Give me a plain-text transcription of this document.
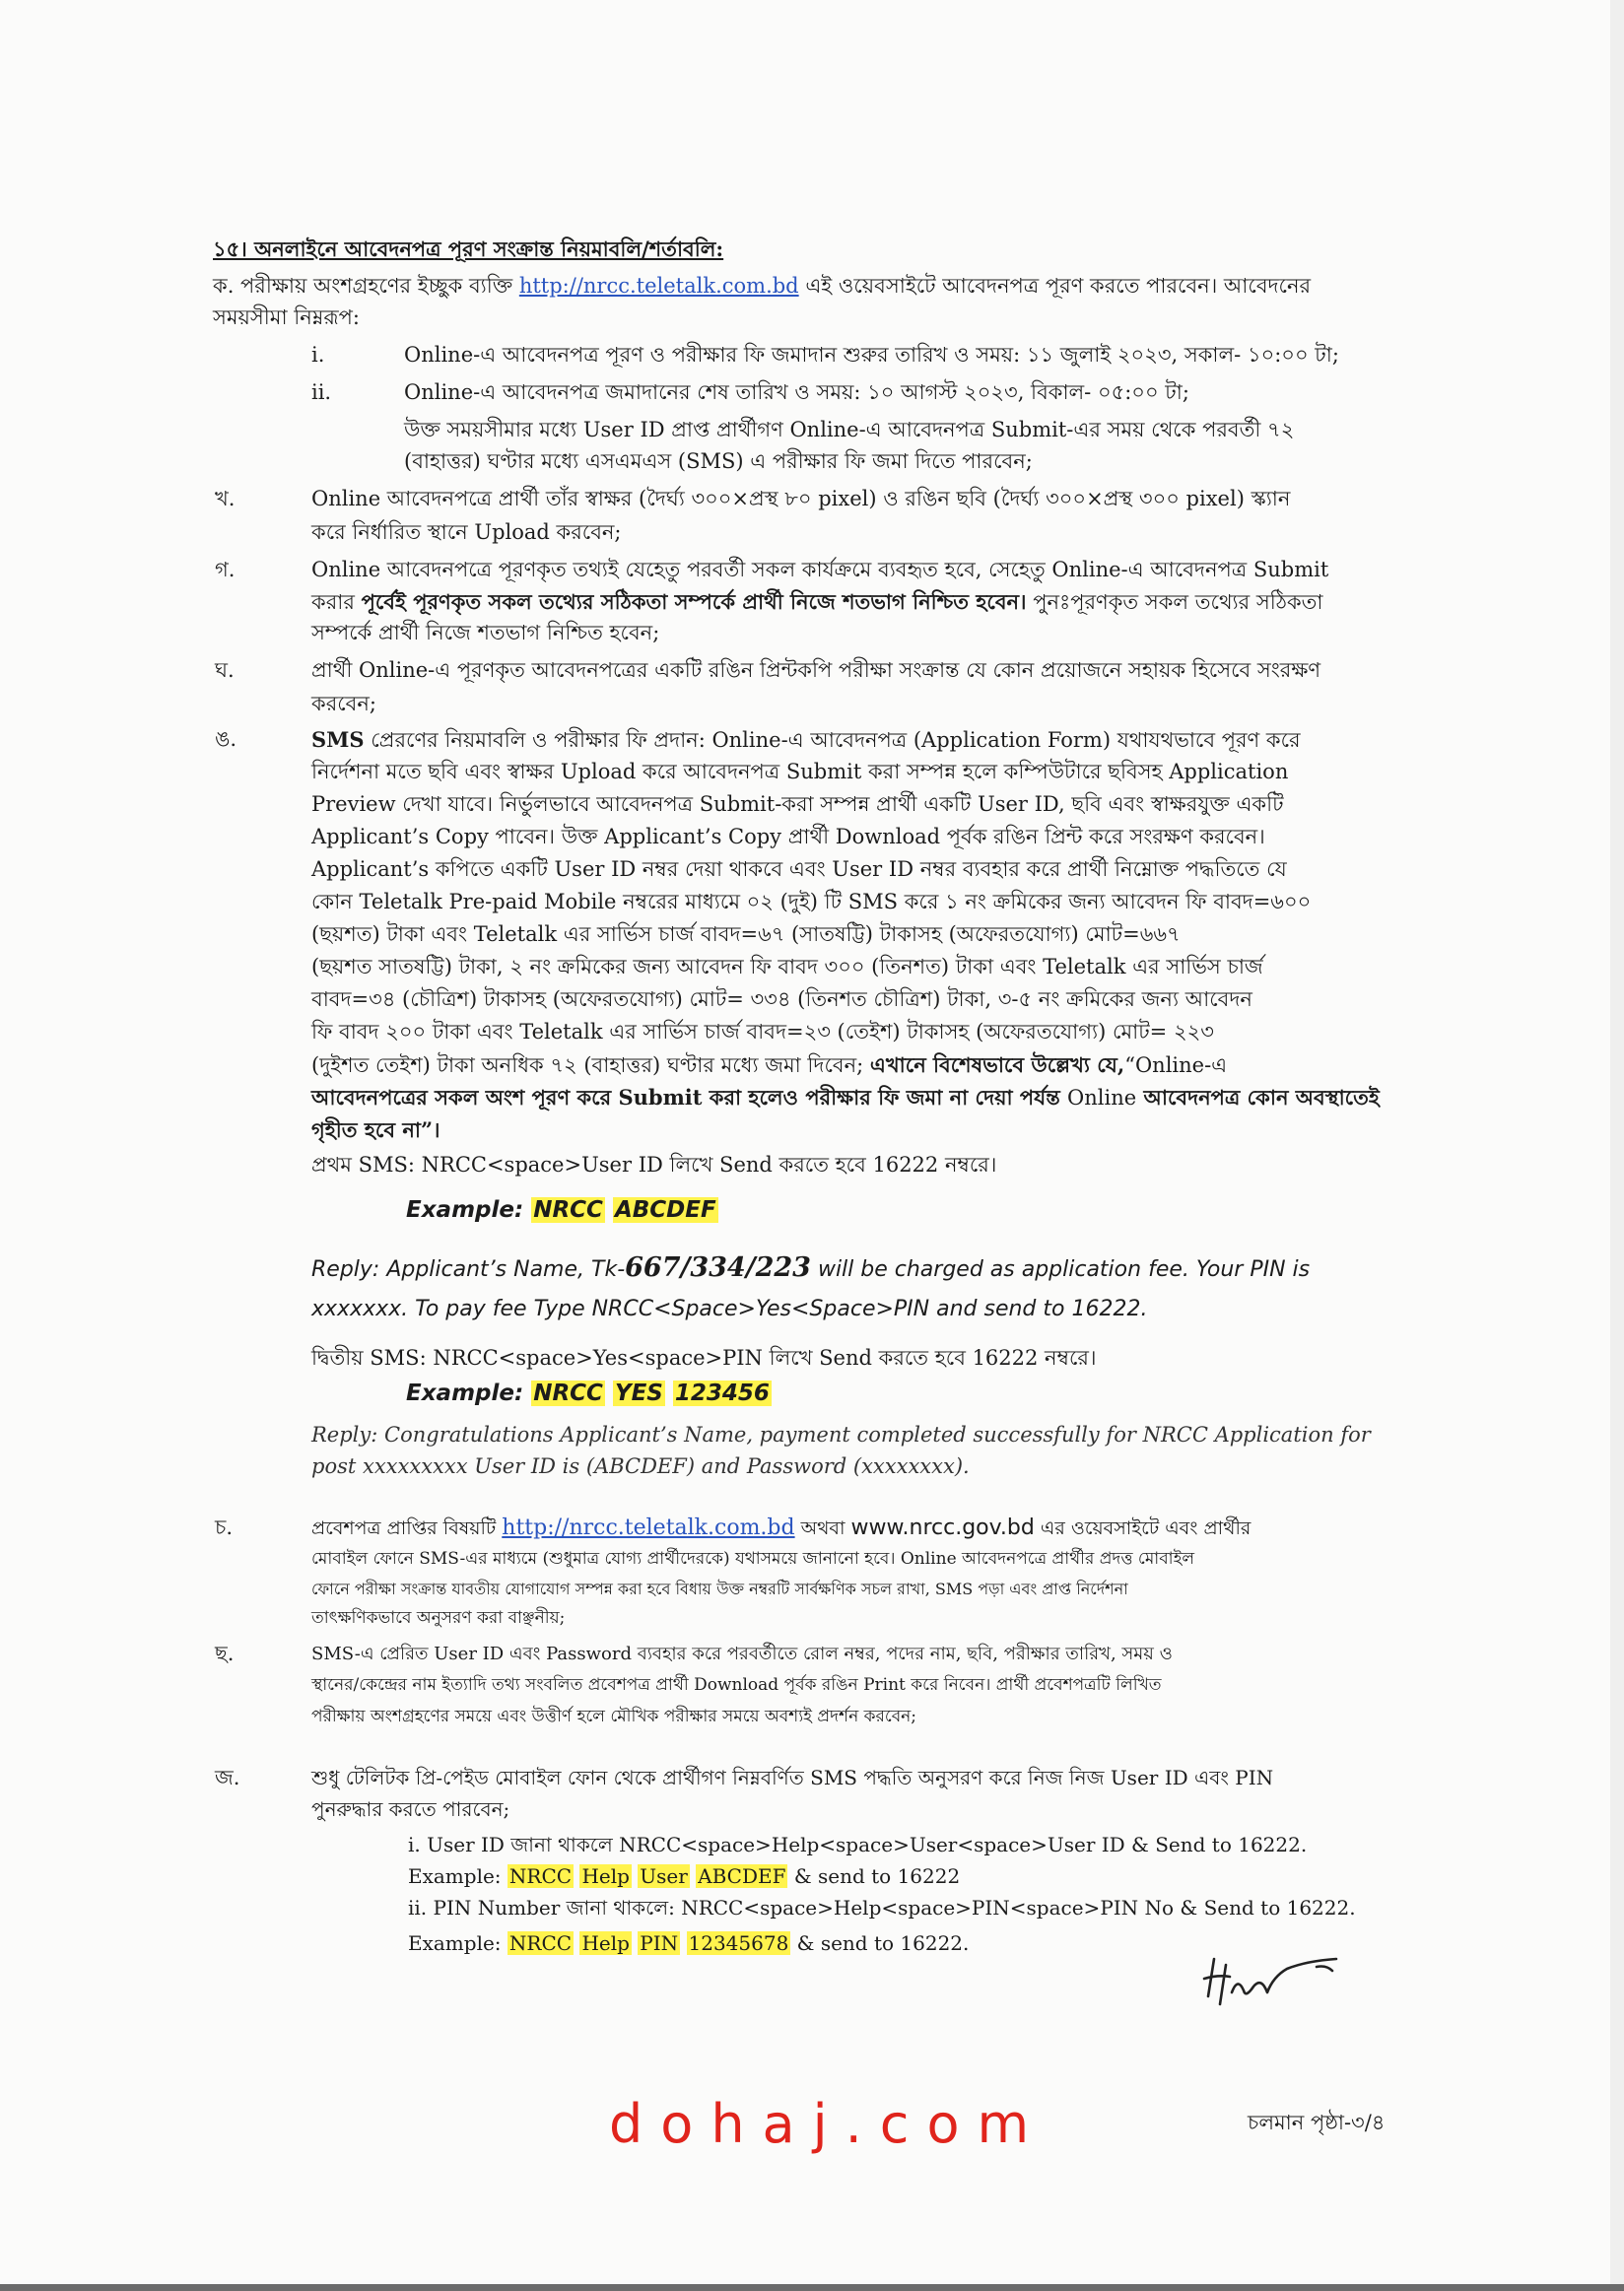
১৫। অনলাইনে আবেদনপত্র পূরণ সংক্রান্ত নিয়মাবলি/শর্তাবলি:
ক. পরীক্ষায় অংশগ্রহণের ইচ্ছুক ব্যক্তি http://nrcc.teletalk.com.bd এই ওয়েবসাইটে আবেদনপত্র পূরণ করতে পারবেন। আবেদনের
সময়সীমা নিম্নরূপ:
i.	Online-এ আবেদনপত্র পূরণ ও পরীক্ষার ফি জমাদান শুরুর তারিখ ও সময়: ১১ জুলাই ২০২৩, সকাল- ১০:০০ টা;
ii.	Online-এ আবেদনপত্র জমাদানের শেষ তারিখ ও সময়: ১০ আগস্ট ২০২৩, বিকাল- ০৫:০০ টা;
উক্ত সময়সীমার মধ্যে User ID প্রাপ্ত প্রার্থীগণ Online-এ আবেদনপত্র Submit-এর সময় থেকে পরবর্তী ৭২
(বাহাত্তর) ঘণ্টার মধ্যে এসএমএস (SMS) এ পরীক্ষার ফি জমা দিতে পারবেন;
খ.	Online আবেদনপত্রে প্রার্থী তাঁর স্বাক্ষর (দৈর্ঘ্য ৩০০×প্রস্থ ৮০ pixel) ও রঙিন ছবি (দৈর্ঘ্য ৩০০×প্রস্থ ৩০০ pixel) স্ক্যান
করে নির্ধারিত স্থানে Upload করবেন;
গ.	Online আবেদনপত্রে পূরণকৃত তথ্যই যেহেতু পরবর্তী সকল কার্যক্রমে ব্যবহৃত হবে, সেহেতু Online-এ আবেদনপত্র Submit
করার পূর্বেই পূরণকৃত সকল তথ্যের সঠিকতা সম্পর্কে প্রার্থী নিজে শতভাগ নিশ্চিত হবেন। পুনঃপূরণকৃত সকল তথ্যের সঠিকতা
সম্পর্কে প্রার্থী নিজে শতভাগ নিশ্চিত হবেন;
ঘ.	প্রার্থী Online-এ পূরণকৃত আবেদনপত্রের একটি রঙিন প্রিন্টকপি পরীক্ষা সংক্রান্ত যে কোন প্রয়োজনে সহায়ক হিসেবে সংরক্ষণ
করবেন;
ঙ.	SMS প্রেরণের নিয়মাবলি ও পরীক্ষার ফি প্রদান: Online-এ আবেদনপত্র (Application Form) যথাযথভাবে পূরণ করে
নির্দেশনা মতে ছবি এবং স্বাক্ষর Upload করে আবেদনপত্র Submit করা সম্পন্ন হলে কম্পিউটারে ছবিসহ Application
Preview দেখা যাবে। নির্ভুলভাবে আবেদনপত্র Submit-করা সম্পন্ন প্রার্থী একটি User ID, ছবি এবং স্বাক্ষরযুক্ত একটি
Applicant’s Copy পাবেন। উক্ত Applicant’s Copy প্রার্থী Download পূর্বক রঙিন প্রিন্ট করে সংরক্ষণ করবেন।
Applicant’s কপিতে একটি User ID নম্বর দেয়া থাকবে এবং User ID নম্বর ব্যবহার করে প্রার্থী নিম্নোক্ত পদ্ধতিতে যে
কোন Teletalk Pre-paid Mobile নম্বরের মাধ্যমে ০২ (দুই) টি SMS করে ১ নং ক্রমিকের জন্য আবেদন ফি বাবদ=৬০০
(ছয়শত) টাকা এবং Teletalk এর সার্ভিস চার্জ বাবদ=৬৭ (সাতষট্টি) টাকাসহ (অফেরতযোগ্য) মোট=৬৬৭
(ছয়শত সাতষট্টি) টাকা, ২ নং ক্রমিকের জন্য আবেদন ফি বাবদ ৩০০ (তিনশত) টাকা এবং Teletalk এর সার্ভিস চার্জ
বাবদ=৩৪ (চৌত্রিশ) টাকাসহ (অফেরতযোগ্য) মোট= ৩৩৪ (তিনশত চৌত্রিশ) টাকা, ৩-৫ নং ক্রমিকের জন্য আবেদন
ফি বাবদ ২০০ টাকা এবং Teletalk এর সার্ভিস চার্জ বাবদ=২৩ (তেইশ) টাকাসহ (অফেরতযোগ্য) মোট= ২২৩
(দুইশত তেইশ) টাকা অনধিক ৭২ (বাহাত্তর) ঘণ্টার মধ্যে জমা দিবেন; এখানে বিশেষভাবে উল্লেখ্য যে,“Online-এ
আবেদনপত্রের সকল অংশ পূরণ করে Submit করা হলেও পরীক্ষার ফি জমা না দেয়া পর্যন্ত Online আবেদনপত্র কোন অবস্থাতেই
গৃহীত হবে না”।
প্রথম SMS: NRCC<space>User ID লিখে Send করতে হবে 16222 নম্বরে।
Example: NRCC ABCDEF
Reply: Applicant’s Name, Tk-667/334/223 will be charged as application fee. Your PIN is
xxxxxxx. To pay fee Type NRCC<Space>Yes<Space>PIN and send to 16222.
দ্বিতীয় SMS: NRCC<space>Yes<space>PIN লিখে Send করতে হবে 16222 নম্বরে।
Example: NRCC YES 123456
Reply: Congratulations Applicant’s Name, payment completed successfully for NRCC Application for
post xxxxxxxxx User ID is (ABCDEF) and Password (xxxxxxxx).
চ.	প্রবেশপত্র প্রাপ্তির বিষয়টি http://nrcc.teletalk.com.bd অথবা www.nrcc.gov.bd এর ওয়েবসাইটে এবং প্রার্থীর
মোবাইল ফোনে SMS-এর মাধ্যমে (শুধুমাত্র যোগ্য প্রার্থীদেরকে) যথাসময়ে জানানো হবে। Online আবেদনপত্রে প্রার্থীর প্রদত্ত মোবাইল
ফোনে পরীক্ষা সংক্রান্ত যাবতীয় যোগাযোগ সম্পন্ন করা হবে বিধায় উক্ত নম্বরটি সার্বক্ষণিক সচল রাখা, SMS পড়া এবং প্রাপ্ত নির্দেশনা
তাৎক্ষণিকভাবে অনুসরণ করা বাঞ্ছনীয়;
ছ.	SMS-এ প্রেরিত User ID এবং Password ব্যবহার করে পরবর্তীতে রোল নম্বর, পদের নাম, ছবি, পরীক্ষার তারিখ, সময় ও
স্থানের/কেন্দ্রের নাম ইত্যাদি তথ্য সংবলিত প্রবেশপত্র প্রার্থী Download পূর্বক রঙিন Print করে নিবেন। প্রার্থী প্রবেশপত্রটি লিখিত
পরীক্ষায় অংশগ্রহণের সময়ে এবং উত্তীর্ণ হলে মৌখিক পরীক্ষার সময়ে অবশ্যই প্রদর্শন করবেন;
জ.	শুধু টেলিটক প্রি-পেইড মোবাইল ফোন থেকে প্রার্থীগণ নিম্নবর্ণিত SMS পদ্ধতি অনুসরণ করে নিজ নিজ User ID এবং PIN
পুনরুদ্ধার করতে পারবেন;
i. User ID জানা থাকলে NRCC<space>Help<space>User<space>User ID & Send to 16222.
Example: NRCC Help User ABCDEF & send to 16222
ii. PIN Number জানা থাকলে: NRCC<space>Help<space>PIN<space>PIN No & Send to 16222.
Example: NRCC Help PIN 12345678 & send to 16222.
dohaj.com	চলমান পৃষ্ঠা-৩/৪
